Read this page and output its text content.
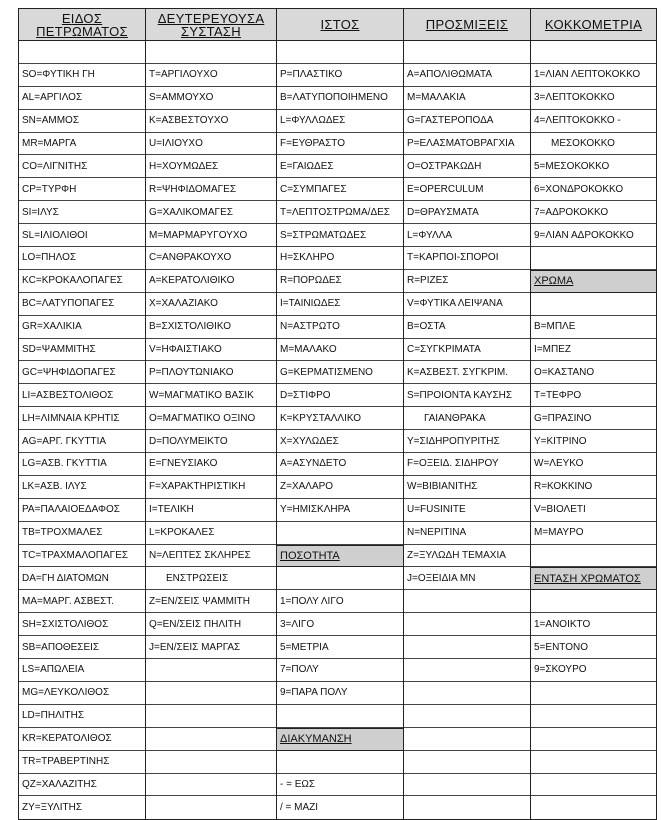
ΕΙΔΟΣ
ΠΕΤΡΩΜΑΤΟΣ
SO=ΦΥΤΙΚΗ ΓΗ
AL=ΑΡΓΙΛΟΣ
SN=ΑΜΜΟΣ
MR=ΜΑΡΓΑ
CO=ΛΙΓΝΙΤΗΣ
CP=ΤΥΡΦΗ
SI=ΙΛΥΣ
SL=ΙΛΙΟΛΙΘΟΙ
LO=ΠΗΛΟΣ
KC=ΚΡΟΚΑΛΟΠΑΓΕΣ
BC=ΛΑΤΥΠΟΠΑΓΕΣ
GR=ΧΑΛΙΚΙΑ
SD=ΨΑΜΜΙΤΗΣ
GC=ΨΗΦΙΔΟΠΑΓΕΣ
LI=ΑΣΒΕΣΤΟΛΙΘΟΣ
LH=ΛΙΜΝΑΙΑ ΚΡΗΤΙΣ
AG=ΑΡΓ. ΓΚΥΤΤΙΑ
LG=ΑΣΒ. ΓΚΥΤΤΙΑ
LK=ΑΣΒ. ΙΛΥΣ
PA=ΠΑΛΑΙΟΕΔΑΦΟΣ
TB=ΤΡΟΧΜΑΛΕΣ
TC=ΤΡΑΧΜΑΛΟΠΑΓΕΣ
DA=ΓΗ ΔΙΑΤΟΜΩΝ
MA=ΜΑΡΓ. ΑΣΒΕΣΤ.
SH=ΣΧΙΣΤΟΛΙΘΟΣ
SB=ΑΠΟΘΕΣΕΙΣ
LS=ΑΠΩΛΕΙΑ
MG=ΛΕΥΚΟΛΙΘΟΣ
LD=ΠΗΛΙΤΗΣ
KR=ΚΕΡΑΤΟΛΙΘΟΣ
TR=ΤΡΑΒΕΡΤΙΝΗΣ
QZ=ΧΑΛΑΖΙΤΗΣ
ZY=ΞΥΛΙΤΗΣ
ΔΕΥΤΕΡΕΥΟΥΣΑ
ΣΥΣΤΑΣΗ
T=ΑΡΓΙΛΟΥΧΟ
S=ΑΜΜΟΥΧΟ
K=ΑΣΒΕΣΤΟΥΧΟ
U=ΙΛΙΟΥΧΟ
H=ΧΟΥΜΩΔΕΣ
R=ΨΗΦΙΔΟΜΑΓΕΣ
G=ΧΑΛΙΚΟΜΑΓΕΣ
M=ΜΑΡΜΑΡΥΓΟΥΧΟ
C=ΑΝΘΡΑΚΟΥΧΟ
A=ΚΕΡΑΤΟΛΙΘΙΚΟ
X=ΧΑΛΑΖΙΑΚΟ
B=ΣΧΙΣΤΟΛΙΘΙΚΟ
V=ΗΦΑΙΣΤΙΑΚΟ
P=ΠΛΟΥΤΩΝΙΑΚΟ
W=ΜΑΓΜΑΤΙΚΟ ΒΑΣΙΚ
O=ΜΑΓΜΑΤΙΚΟ ΟΞΙΝΟ
D=ΠΟΛΥΜΕΙΚΤΟ
E=ΓΝΕΥΣΙΑΚΟ
F=ΧΑΡΑΚΤΗΡΙΣΤΙΚΗ
I=ΤΕΛΙΚΗ
L=ΚΡΟΚΑΛΕΣ
N=ΛΕΠΤΕΣ ΣΚΛΗΡΕΣ
ΕΝΣΤΡΩΣΕΙΣ
Z=ΕΝ/ΣΕΙΣ ΨΑΜΜΙΤΗ
Q=ΕΝ/ΣΕΙΣ ΠΗΛΙΤΗ
J=ΕΝ/ΣΕΙΣ ΜΑΡΓΑΣ
ΙΣΤΟΣ
P=ΠΛΑΣΤΙΚΟ
B=ΛΑΤΥΠΟΠΟΙΗΜΕΝΟ
L=ΦΥΛΛΩΔΕΣ
F=ΕΥΘΡΑΣΤΟ
E=ΓΑΙΩΔΕΣ
C=ΣΥΜΠΑΓΕΣ
T=ΛΕΠΤΟΣΤΡΩΜΑ/ΔΕΣ
S=ΣΤΡΩΜΑΤΩΔΕΣ
H=ΣΚΛΗΡΟ
R=ΠΟΡΩΔΕΣ
I=ΤΑΙΝΙΩΔΕΣ
N=ΑΣΤΡΩΤΟ
M=ΜΑΛΑΚΟ
G=ΚΕΡΜΑΤΙΣΜΕΝΟ
D=ΣΤΙΦΡΟ
K=ΚΡΥΣΤΑΛΛΙΚΟ
X=ΧΥΛΩΔΕΣ
A=ΑΣΥΝΔΕΤΟ
Z=ΧΑΛΑΡΟ
Y=ΗΜΙΣΚΛΗΡΑ
ΠΟΣΟΤΗΤΑ
1=ΠΟΛΥ ΛΙΓΟ
3=ΛΙΓΟ
5=ΜΕΤΡΙΑ
7=ΠΟΛΥ
9=ΠΑΡΑ ΠΟΛΥ
ΔΙΑΚΥΜΑΝΣΗ
- = ΕΩΣ
/ = ΜΑΖΙ
ΠΡΟΣΜΙΞΕΙΣ
A=ΑΠΟΛΙΘΩΜΑΤΑ
M=ΜΑΛΑΚΙΑ
G=ΓΑΣΤΕΡΟΠΟΔΑ
P=ΕΛΑΣΜΑΤΟΒΡΑΓΧΙΑ
O=ΟΣΤΡΑΚΩΔΗ
E=OPERCULUM
D=ΘΡΑΥΣΜΑΤΑ
L=ΦΥΛΛΑ
T=ΚΑΡΠΟΙ-ΣΠΟΡΟΙ
R=ΡΙΖΕΣ
V=ΦΥΤΙΚΑ ΛΕΙΨΑΝΑ
B=ΟΣΤΑ
C=ΣΥΓΚΡΙΜΑΤΑ
K=ΑΣΒΕΣΤ. ΣΥΓΚΡΙΜ.
S=ΠΡΟΙΟΝΤΑ ΚΑΥΣΗΣ
ΓΑΙΑΝΘΡΑΚΑ
Y=ΣΙΔΗΡΟΠΥΡΙΤΗΣ
F=ΟΞΕΙΔ. ΣΙΔΗΡΟΥ
W=ΒΙΒΙΑΝΙΤΗΣ
U=FUSINITE
N=ΝΕΡΙΤΙΝΑ
Z=ΞΥΛΩΔΗ ΤΕΜΑΧΙΑ
J=ΟΞΕΙΔΙΑ ΜΝ
ΚΟΚΚΟΜΕΤΡΙΑ
1=ΛΙΑΝ ΛΕΠΤΟΚΟΚΚΟ
3=ΛΕΠΤΟΚΟΚΚΟ
4=ΛΕΠΤΟΚΟΚΚΟ -
ΜΕΣΟΚΟΚΚΟ
5=ΜΕΣΟΚΟΚΚΟ
6=ΧΟΝΔΡΟΚΟΚΚΟ
7=ΑΔΡΟΚΟΚΚΟ
9=ΛΙΑΝ ΑΔΡΟΚΟΚΚΟ
ΧΡΩΜΑ
B=ΜΠΛΕ
I=ΜΠΕΖ
O=ΚΑΣΤΑΝΟ
T=ΤΕΦΡΟ
G=ΠΡΑΣΙΝΟ
Y=ΚΙΤΡΙΝΟ
W=ΛΕΥΚΟ
R=ΚΟΚΚΙΝΟ
V=ΒΙΟΛΕΤΙ
M=ΜΑΥΡΟ
ΕΝΤΑΣΗ ΧΡΩΜΑΤΟΣ
1=ΑΝΟΙΚΤΟ
5=ΕΝΤΟΝΟ
9=ΣΚΟΥΡΟ
